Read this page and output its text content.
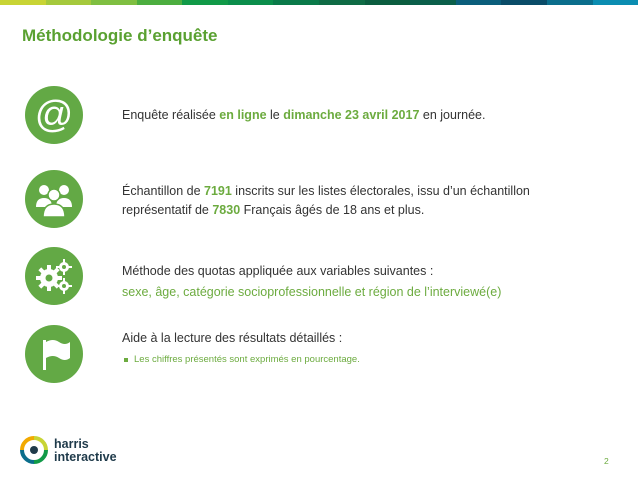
Méthodologie d’enquête
@	Enquête réalisée en ligne le dimanche 23 avril 2017 en journée.
Échantillon de 7191 inscrits sur les listes électorales, issu d’un échantillon
représentatif de 7830 Français âgés de 18 ans et plus.
Méthode des quotas appliquée aux variables suivantes :
sexe, âge, catégorie socioprofessionnelle et région de l’interviewé(e)
Aide à la lecture des résultats détaillés :
Les chiffres présentés sont exprimés en pourcentage.
harris
interactive	2
